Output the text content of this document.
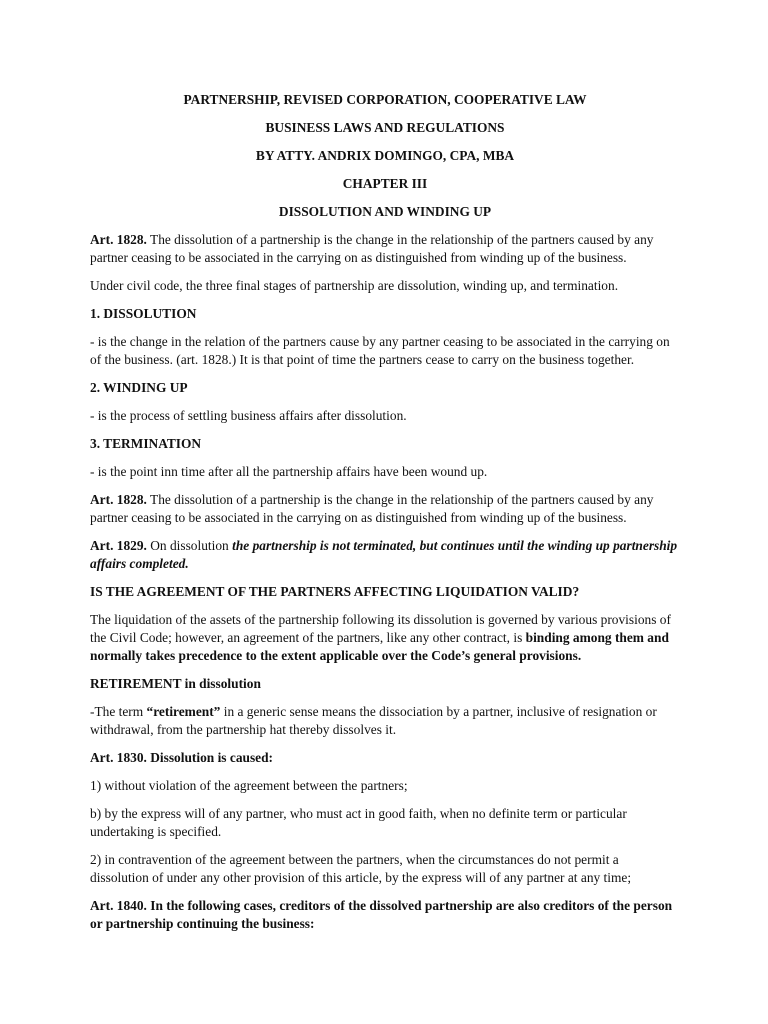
PARTNERSHIP, REVISED CORPORATION, COOPERATIVE LAW
BUSINESS LAWS AND REGULATIONS
BY ATTY. ANDRIX DOMINGO, CPA, MBA
CHAPTER III
DISSOLUTION AND WINDING UP

Art. 1828. The dissolution of a partnership is the change in the relationship of the partners caused by any partner ceasing to be associated in the carrying on as distinguished from winding up of the business.

Under civil code, the three final stages of partnership are dissolution, winding up, and termination.

1. DISSOLUTION

- is the change in the relation of the partners cause by any partner ceasing to be associated in the carrying on of the business. (art. 1828.) It is that point of time the partners cease to carry on the business together.

2. WINDING UP

- is the process of settling business affairs after dissolution.

3. TERMINATION

- is the point inn time after all the partnership affairs have been wound up.

Art. 1828. The dissolution of a partnership is the change in the relationship of the partners caused by any partner ceasing to be associated in the carrying on as distinguished from winding up of the business.

Art. 1829. On dissolution the partnership is not terminated, but continues until the winding up partnership affairs completed.

IS THE AGREEMENT OF THE PARTNERS AFFECTING LIQUIDATION VALID?

The liquidation of the assets of the partnership following its dissolution is governed by various provisions of the Civil Code; however, an agreement of the partners, like any other contract, is binding among them and normally takes precedence to the extent applicable over the Code’s general provisions.

RETIREMENT in dissolution

-The term “retirement” in a generic sense means the dissociation by a partner, inclusive of resignation or withdrawal, from the partnership hat thereby dissolves it.

Art. 1830. Dissolution is caused:

1) without violation of the agreement between the partners;

b) by the express will of any partner, who must act in good faith, when no definite term or particular undertaking is specified.

2) in contravention of the agreement between the partners, when the circumstances do not permit a dissolution of under any other provision of this article, by the express will of any partner at any time;

Art. 1840. In the following cases, creditors of the dissolved partnership are also creditors of the person or partnership continuing the business:
